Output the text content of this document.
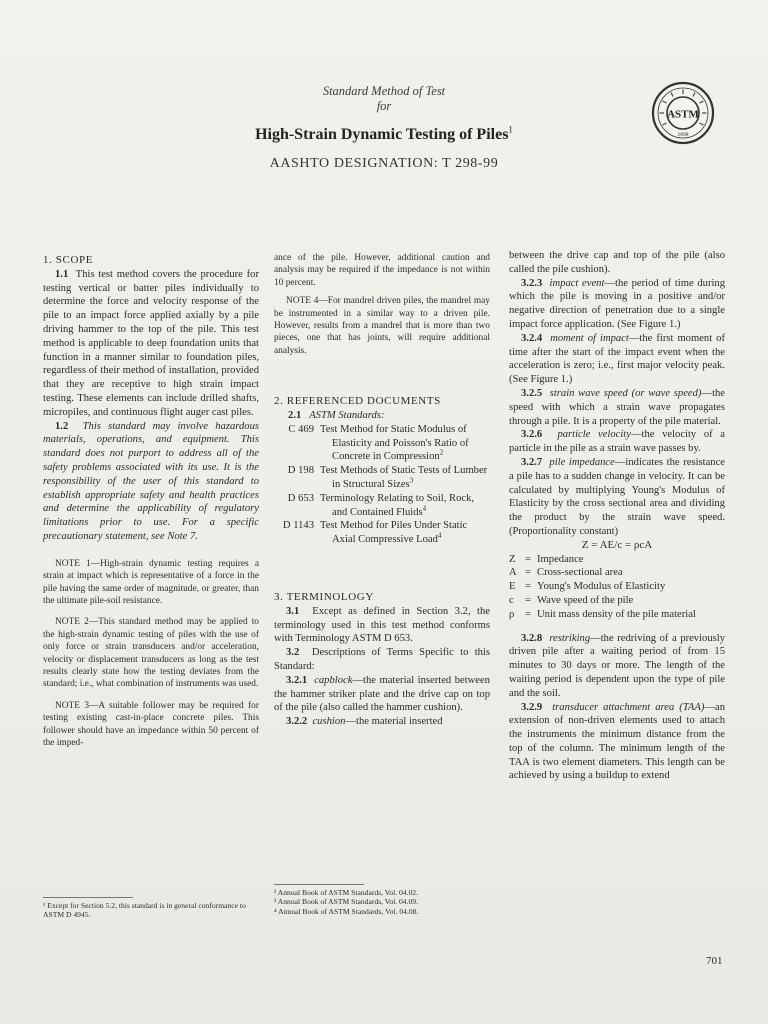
Standard Method of Test
for
High-Strain Dynamic Testing of Piles$^1$
AASHTO DESIGNATION: T 298-99
ASTM
1898

1. SCOPE

1.1 This test method covers the procedure for testing vertical or batter piles individually to determine the force and velocity response of the pile to an impact force applied axially by a pile driving hammer to the top of the pile. This test method is applicable to deep foundation units that function in a manner similar to foundation piles, regardless of their method of installation, provided that they are receptive to high strain impact testing. These elements can include drilled shafts, micropiles, and continuous flight auger cast piles.

1.2 This standard may involve hazardous materials, operations, and equipment. This standard does not purport to address all of the safety problems associated with its use. It is the responsibility of the user of this standard to establish appropriate safety and health practices and determine the applicability of regulatory limitations prior to use. For a specific precautionary statement, see Note 7.

NOTE 1—High-strain dynamic testing requires a strain at impact which is representative of a force in the pile having the same order of magnitude, or greater, than the ultimate pile-soil resistance.

NOTE 2—This standard method may be applied to the high-strain dynamic testing of piles with the use of only force or strain transducers and/or acceleration, velocity or displacement transducers as long as the test results clearly state how the testing deviates from the standard; i.e., what combination of instruments was used.

NOTE 3—A suitable follower may be required for testing existing cast-in-place concrete piles. This follower should have an impedance within 50 percent of the imped-

¹ Except for Section 5.2, this standard is in general conformance to ASTM D 4945.

ance of the pile. However, additional caution and analysis may be required if the impedance is not within 10 percent.

NOTE 4—For mandrel driven piles, the mandrel may be instrumented in a similar way to a driven pile. However, results from a mandrel that is more than two pieces, one that has joints, will require additional analysis.

2. REFERENCED DOCUMENTS

2.1 ASTM Standards:

C 469 Test Method for Static Modulus of Elasticity and Poisson's Ratio of Concrete in Compression$^2$
D 198 Test Methods of Static Tests of Lumber in Structural Sizes$^3$
D 653 Terminology Relating to Soil, Rock, and Contained Fluids$^4$
D 1143 Test Method for Piles Under Static Axial Compressive Load$^4$

3. TERMINOLOGY

3.1 Except as defined in Section 3.2, the terminology used in this test method conforms with Terminology ASTM D 653.

3.2 Descriptions of Terms Specific to this Standard:

3.2.1 capblock—the material inserted between the hammer striker plate and the drive cap on top of the pile (also called the hammer cushion).

3.2.2 cushion—the material inserted

² Annual Book of ASTM Standards, Vol. 04.02.
³ Annual Book of ASTM Standards, Vol. 04.09.
⁴ Annual Book of ASTM Standards, Vol. 04.08.

between the drive cap and top of the pile (also called the pile cushion).

3.2.3 impact event—the period of time during which the pile is moving in a positive and/or negative direction of penetration due to a single impact force application. (See Figure 1.)

3.2.4 moment of impact—the first moment of time after the start of the impact event when the acceleration is zero; i.e., first major velocity peak. (See Figure 1.)

3.2.5 strain wave speed (or wave speed)—the speed with which a strain wave propagates through a pile. It is a property of the pile material.

3.2.6 particle velocity—the velocity of a particle in the pile as a strain wave passes by.

3.2.7 pile impedance—indicates the resistance a pile has to a sudden change in velocity. It can be calculated by multiplying Young's Modulus of Elasticity by the cross sectional area and dividing the product by the strain wave speed. (Proportionality constant)

Z = AE/c = ρcA

Z = Impedance
A = Cross-sectional area
E = Young's Modulus of Elasticity
c	= Wave speed of the pile
ρ	= Unit mass density of the pile material

3.2.8 restriking—the redriving of a previously driven pile after a waiting period of from 15 minutes to 30 days or more. The length of the waiting period is dependent upon the type of pile and the soil.

3.2.9 transducer attachment area (TAA)—an extension of non-driven elements used to attach the instruments the minimum distance from the top of the column. The minimum length of the TAA is two element diameters. This length can be achieved by using a buildup to extend

701
